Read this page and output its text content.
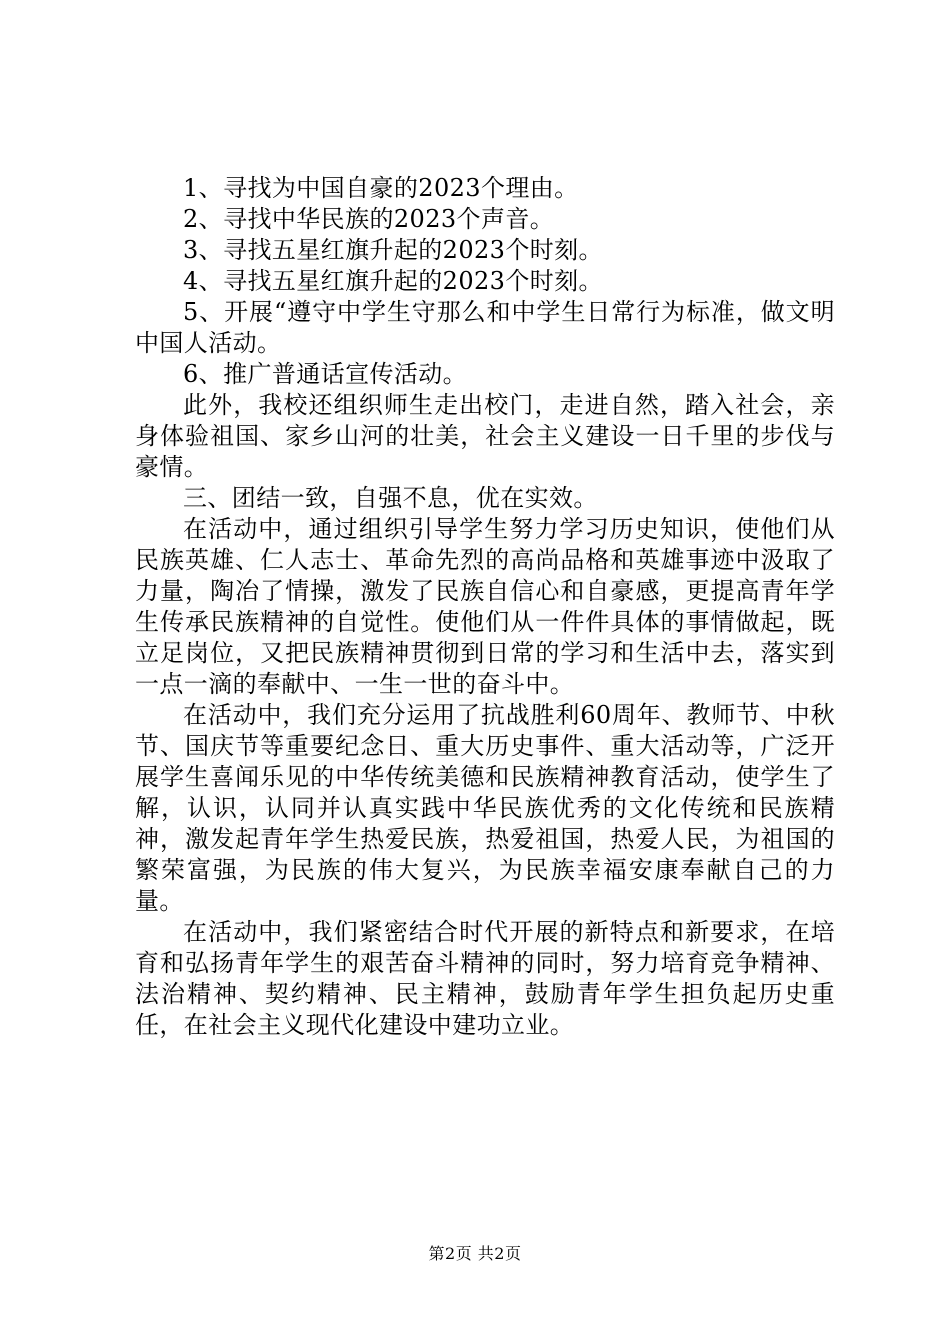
1、寻找为中国自豪的2023个理由。

2、寻找中华民族的2023个声音。

3、寻找五星红旗升起的2023个时刻。

4、寻找五星红旗升起的2023个时刻。

5、开展“遵守中学生守那么和中学生日常行为标准，做文明中国人活动。

6、推广普通话宣传活动。

此外，我校还组织师生走出校门，走进自然，踏入社会，亲身体验祖国、家乡山河的壮美，社会主义建设一日千里的步伐与豪情。

三、团结一致，自强不息，优在实效。

在活动中，通过组织引导学生努力学习历史知识，使他们从民族英雄、仁人志士、革命先烈的高尚品格和英雄事迹中汲取了力量，陶冶了情操，激发了民族自信心和自豪感，更提高青年学生传承民族精神的自觉性。使他们从一件件具体的事情做起，既立足岗位，又把民族精神贯彻到日常的学习和生活中去，落实到一点一滴的奉献中、一生一世的奋斗中。

在活动中，我们充分运用了抗战胜利60周年、教师节、中秋节、国庆节等重要纪念日、重大历史事件、重大活动等，广泛开展学生喜闻乐见的中华传统美德和民族精神教育活动，使学生了解，认识，认同并认真实践中华民族优秀的文化传统和民族精神，激发起青年学生热爱民族，热爱祖国，热爱人民，为祖国的繁荣富强，为民族的伟大复兴，为民族幸福安康奉献自己的力量。

在活动中，我们紧密结合时代开展的新特点和新要求，在培育和弘扬青年学生的艰苦奋斗精神的同时，努力培育竞争精神、法治精神、契约精神、民主精神，鼓励青年学生担负起历史重任，在社会主义现代化建设中建功立业。

第2页 共2页
